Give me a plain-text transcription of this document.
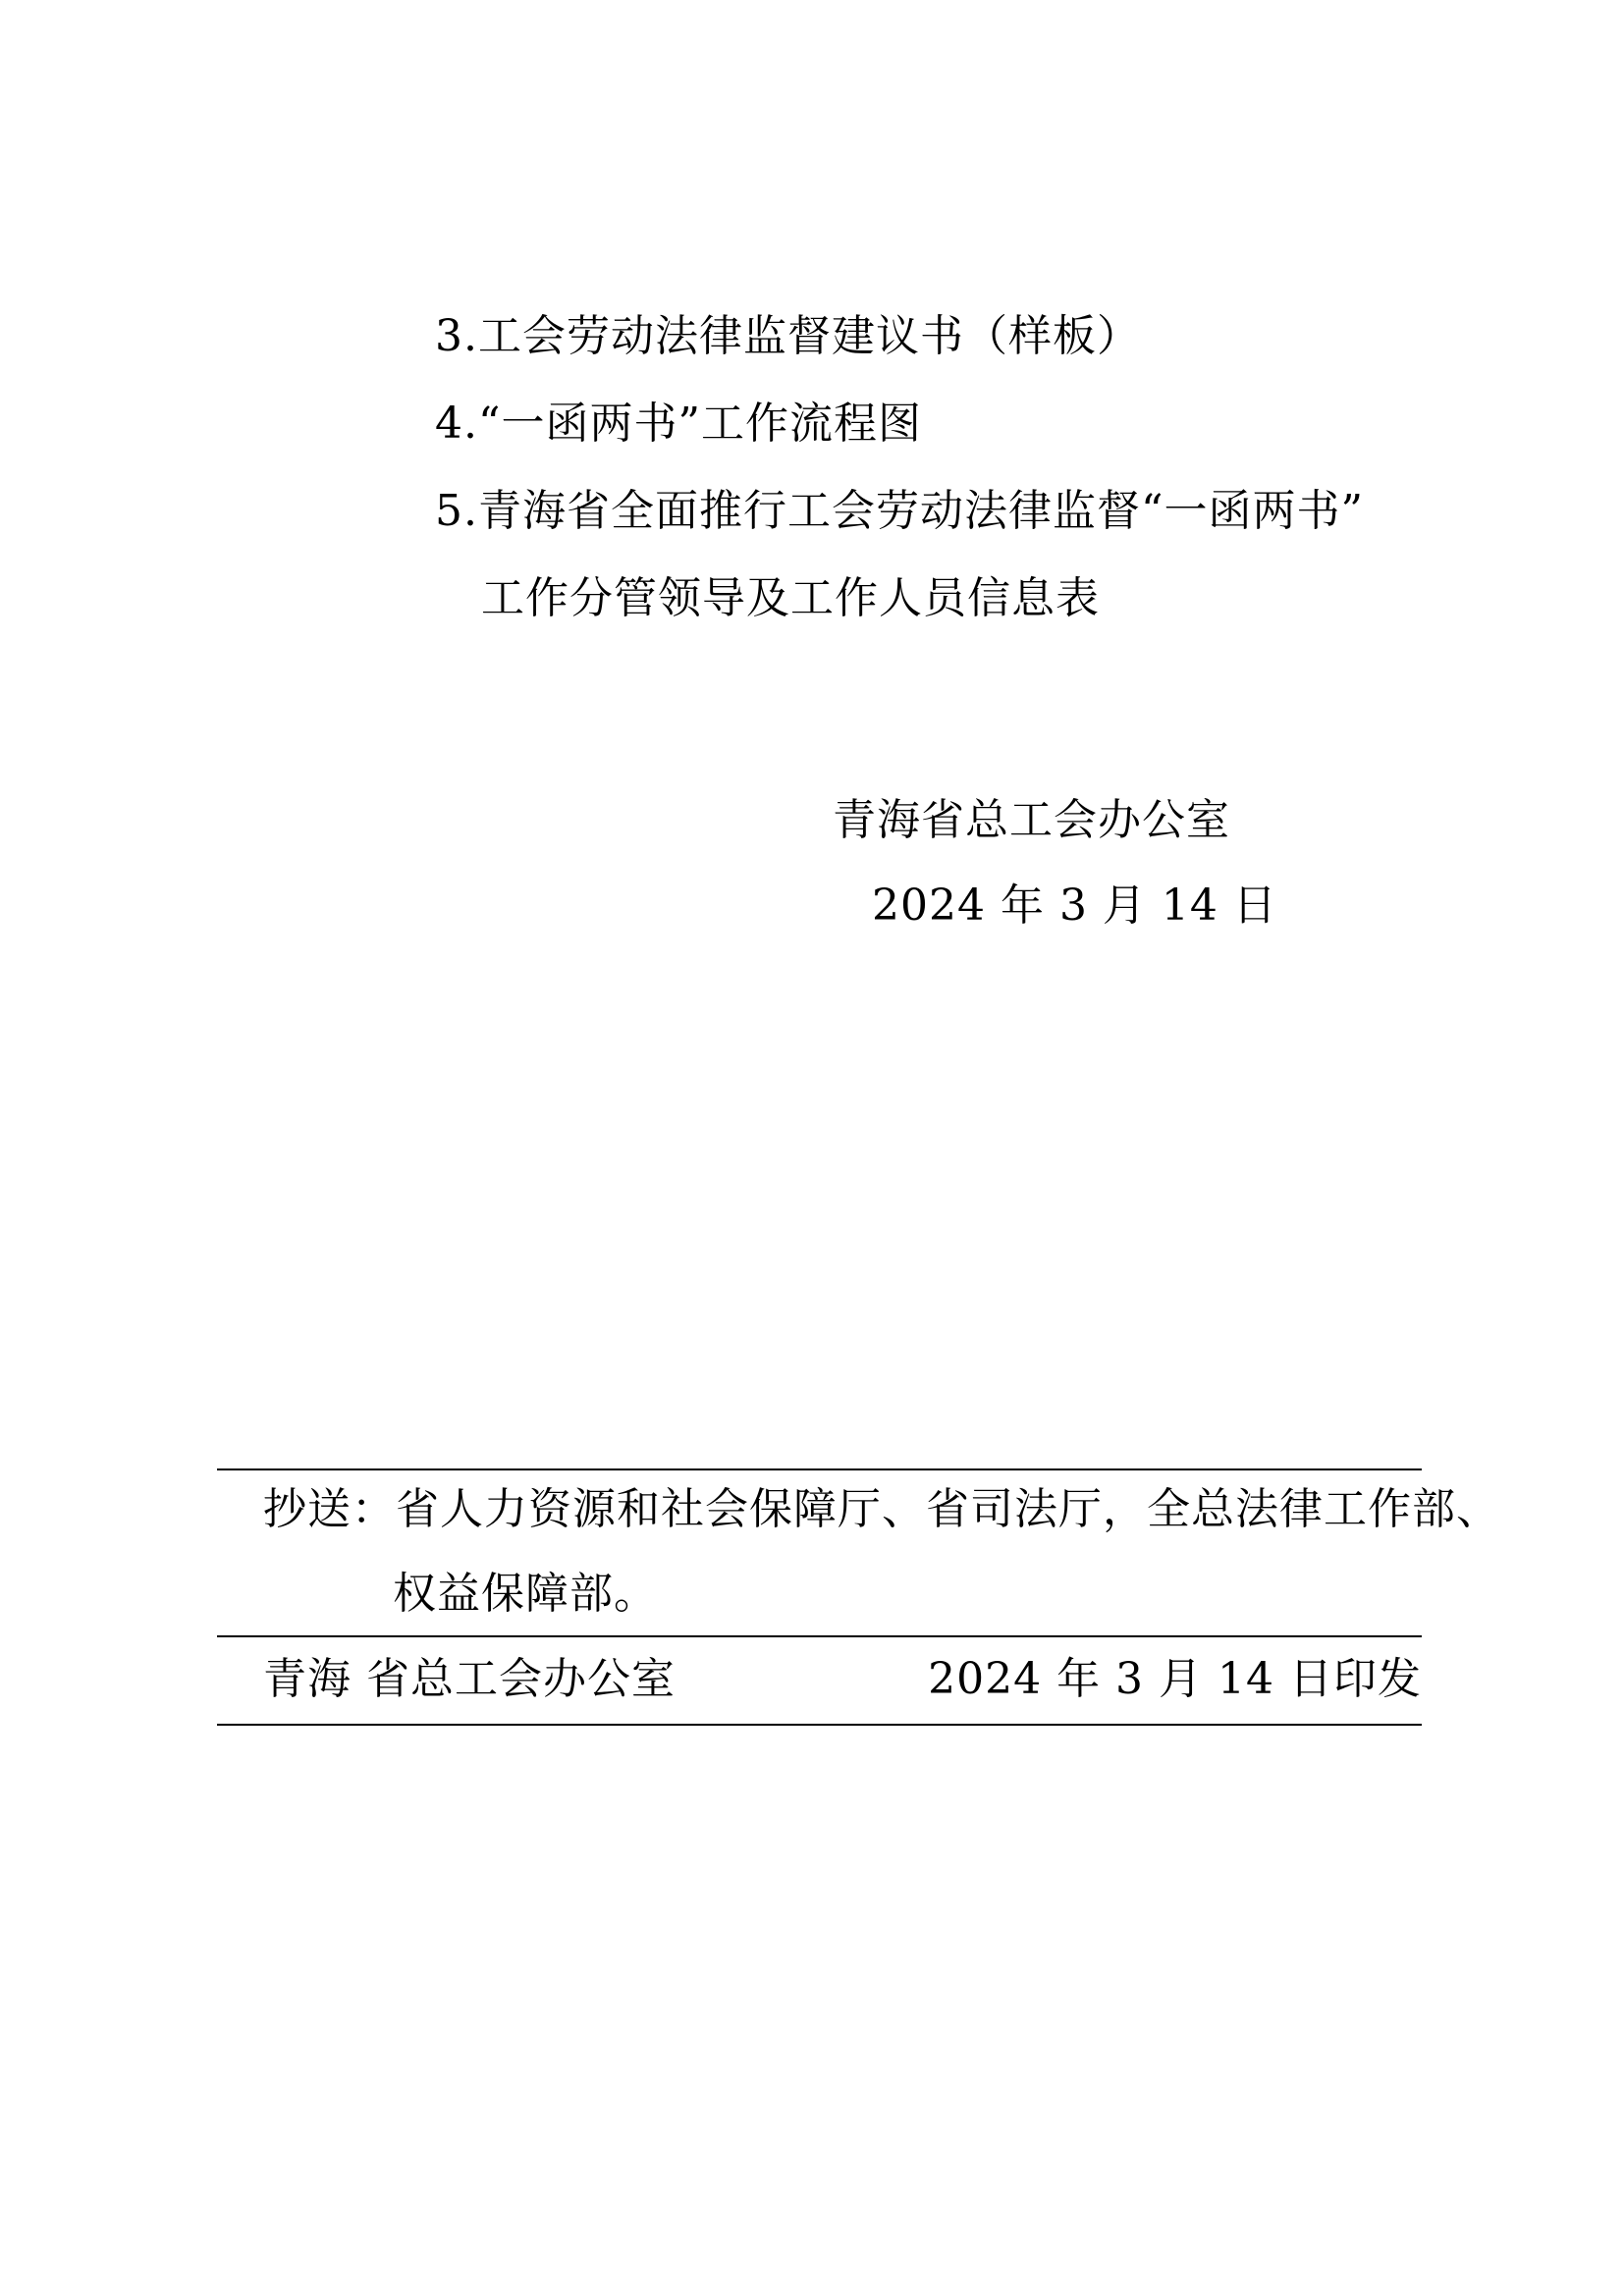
3.工会劳动法律监督建议书（样板）
4.“一函两书”工作流程图
5.青海省全面推行工会劳动法律监督“一函两书”
工作分管领导及工作人员信息表
青海省总工会办公室
2024 年 3 月 14 日
抄送：省人力资源和社会保障厅、省司法厅，全总法律工作部、
权益保障部。
青海 省总工会办公室	2024 年 3 月 14 日印发
